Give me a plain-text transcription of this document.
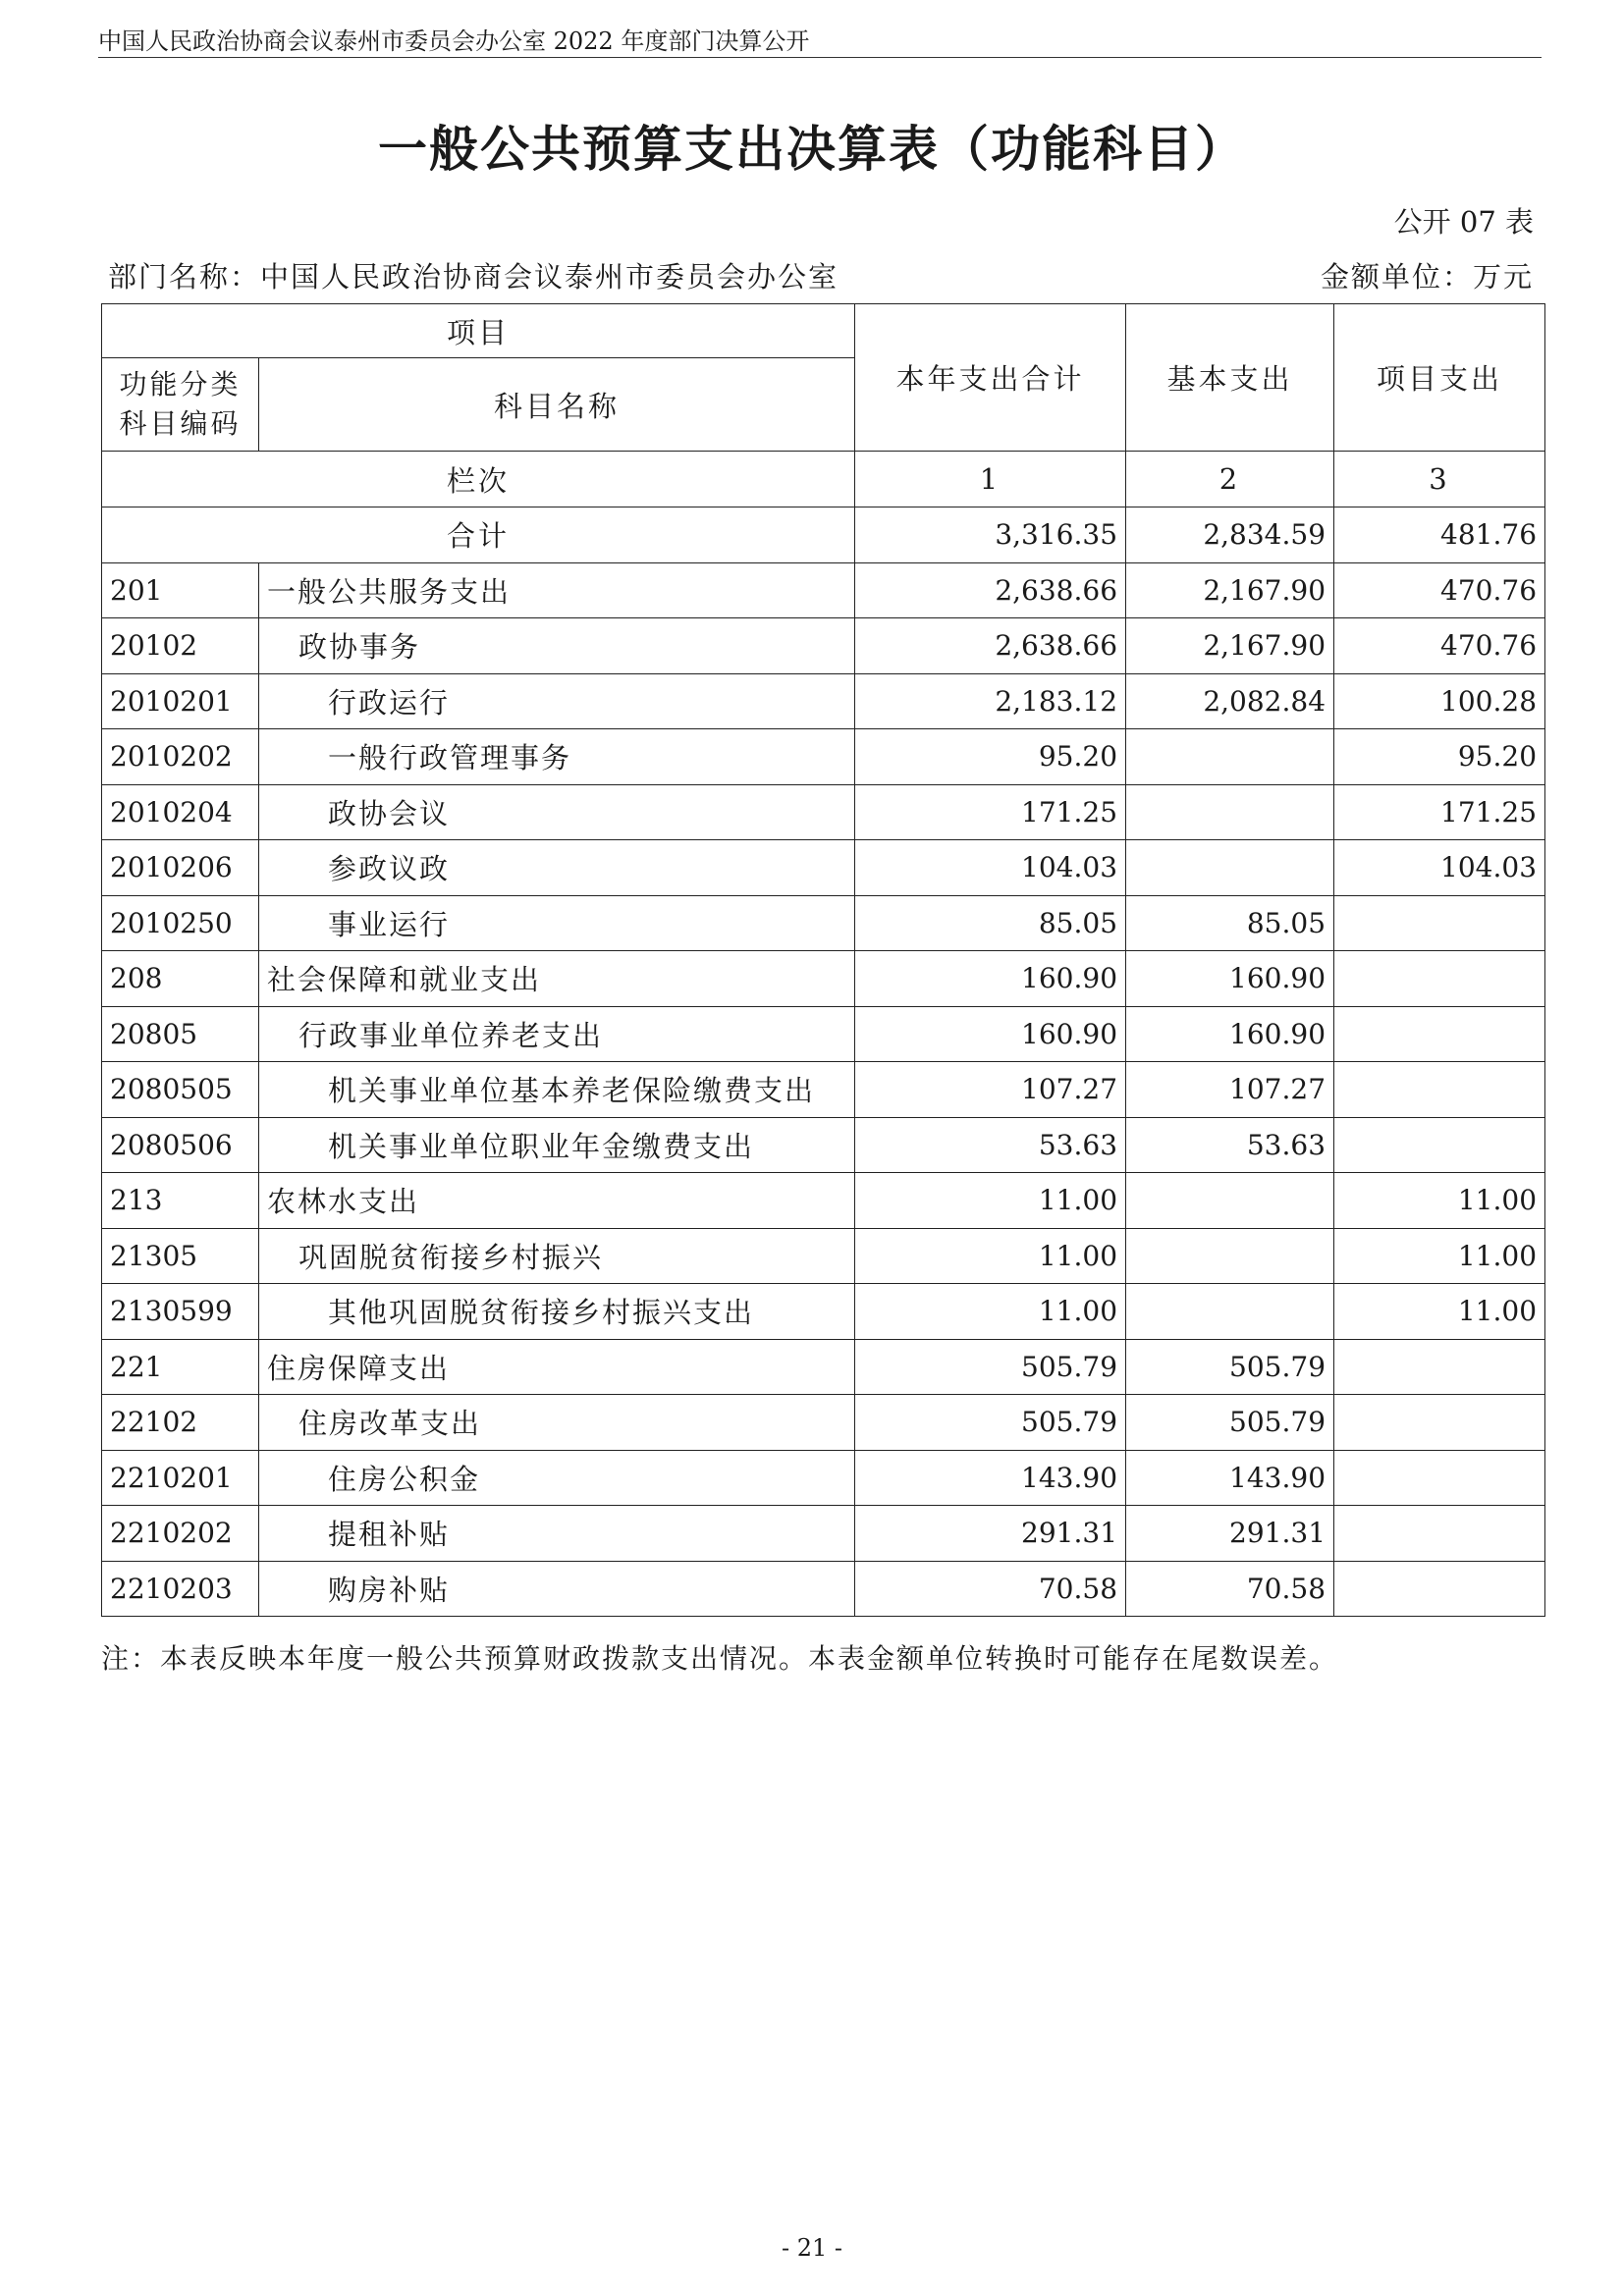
中国人民政治协商会议泰州市委员会办公室 2022 年度部门决算公开
一般公共预算支出决算表（功能科目）
公开 07 表
部门名称：中国人民政治协商会议泰州市委员会办公室	金额单位：万元
项目		本年支出合计	基本支出	项目支出
功能分类科目编码	科目名称			
栏次		1	2	3
合计		3,316.35	2,834.59	481.76
201	一般公共服务支出	2,638.66	2,167.90	470.76
20102	政协事务	2,638.66	2,167.90	470.76
2010201	行政运行	2,183.12	2,082.84	100.28
2010202	一般行政管理事务	95.20		95.20
2010204	政协会议	171.25		171.25
2010206	参政议政	104.03		104.03
2010250	事业运行	85.05	85.05	
208	社会保障和就业支出	160.90	160.90	
20805	行政事业单位养老支出	160.90	160.90	
2080505	机关事业单位基本养老保险缴费支出	107.27	107.27	
2080506	机关事业单位职业年金缴费支出	53.63	53.63	
213	农林水支出	11.00		11.00
21305	巩固脱贫衔接乡村振兴	11.00		11.00
2130599	其他巩固脱贫衔接乡村振兴支出	11.00		11.00
221	住房保障支出	505.79	505.79	
22102	住房改革支出	505.79	505.79	
2210201	住房公积金	143.90	143.90	
2210202	提租补贴	291.31	291.31	
2210203	购房补贴	70.58	70.58	
注：本表反映本年度一般公共预算财政拨款支出情况。本表金额单位转换时可能存在尾数误差。
- 21 -
